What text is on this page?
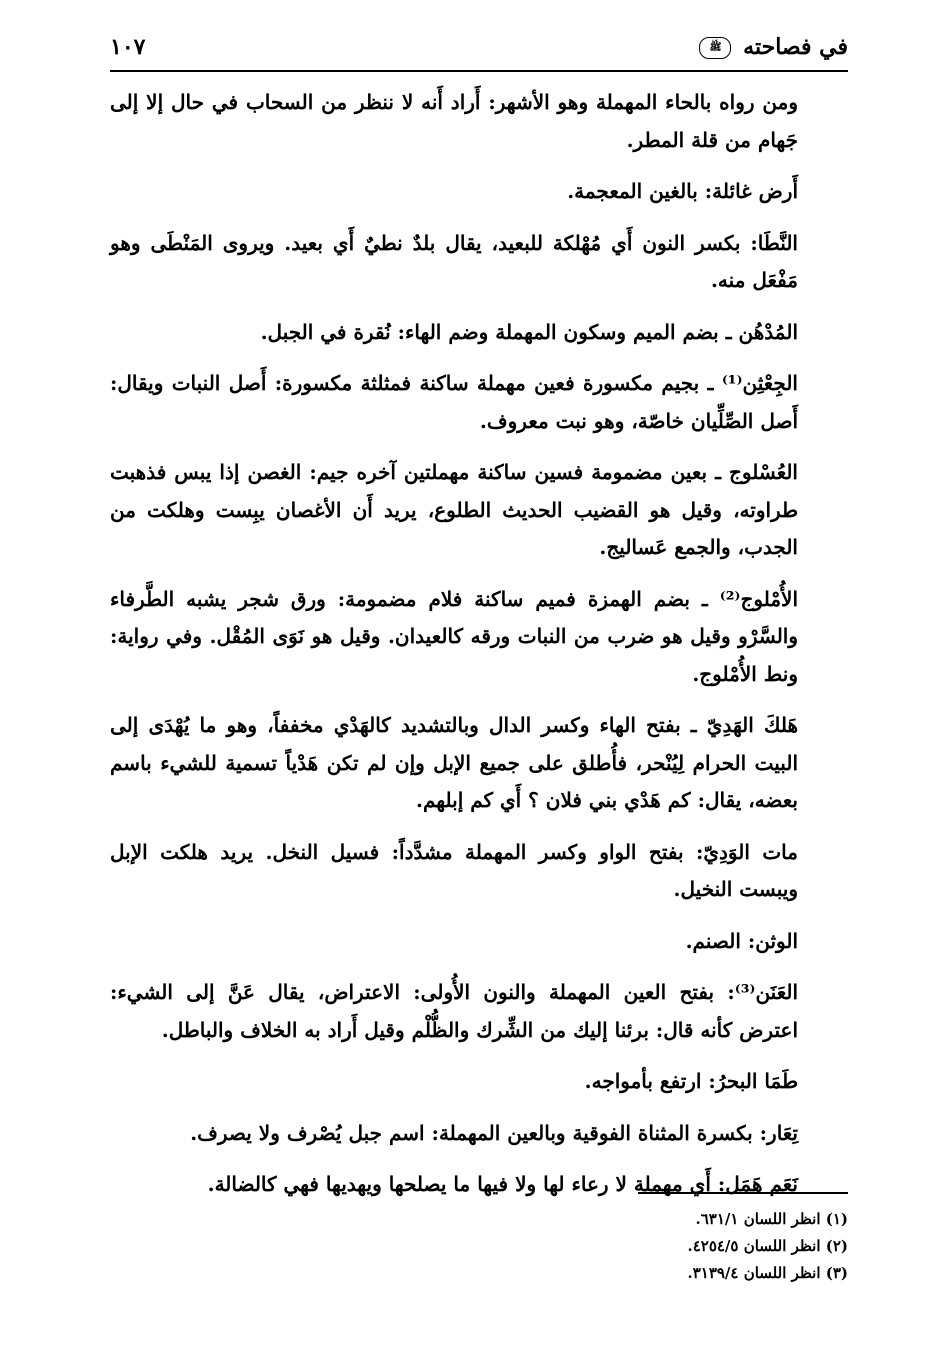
في فصاحته ﷺ
١٠٧

ومن رواه بالحاء المهملة وهو الأشهر: أَراد أَنه لا ننظر من السحاب في حال إلا إلى جَهام من قلة المطر.

أَرض غائلة: بالغين المعجمة.

النَّطَا: بكسر النون أَي مُهْلكة للبعيد، يقال بلدٌ نطيٌ أَي بعيد. ويروى المَنْطَى وهو مَفْعَل منه.

المُدْهُن ـ بضم الميم وسكون المهملة وضم الهاء: نُقرة في الجبل.

الجِعْثِن⁽¹⁾ ـ بجيم مكسورة فعين مهملة ساكنة فمثلثة مكسورة: أَصل النبات ويقال: أَصل الصِّلِّيان خاصّة، وهو نبت معروف.

العُسْلوج ـ بعين مضمومة فسين ساكنة مهملتين آخره جيم: الغصن إذا يبس فذهبت طراوته، وقيل هو القضيب الحديث الطلوع، يريد أَن الأغصان يبِست وهلكت من الجدب، والجمع عَساليج.

الأُمْلوج⁽²⁾ ـ بضم الهمزة فميم ساكنة فلام مضمومة: ورق شجر يشبه الطَّرفاء والسَّرْو وقيل هو ضرب من النبات ورقه كالعيدان. وقيل هو نَوَى المُقْل. وفي رواية: ونط الأُمْلوج.

هَلكَ الهَدِيّ ـ بفتح الهاء وكسر الدال وبالتشديد كالهَدْي مخففاً، وهو ما يُهْدَى إلى البيت الحرام لِيُنْحر، فأُطلق على جميع الإبل وإن لم تكن هَدْياً تسمية للشيء باسم بعضه، يقال: كم هَدْي بني فلان ؟ أَي كم إبلهم.

مات الوَدِيّ: بفتح الواو وكسر المهملة مشدَّداً: فسيل النخل. يريد هلكت الإبل ويبست النخيل.

الوثن: الصنم.

العَنَن⁽³⁾: بفتح العين المهملة والنون الأُولى: الاعتراض، يقال عَنَّ إلى الشيء: اعترض كأنه قال: برئنا إليك من الشِّرك والظُّلْم وقيل أَراد به الخلاف والباطل.

طَمَا البحرُ: ارتفع بأمواجه.

تِعَار: بكسرة المثناة الفوقية وبالعين المهملة: اسم جبل يُصْرف ولا يصرف.

نَعَم هَمَل: أَي مهملة لا رعاء لها ولا فيها ما يصلحها ويهديها فهي كالضالة.

(١) انظر اللسان ٦٣١/١.
(٢) انظر اللسان ٤٢٥٤/٥.
(٣) انظر اللسان ٣١٣٩/٤.
